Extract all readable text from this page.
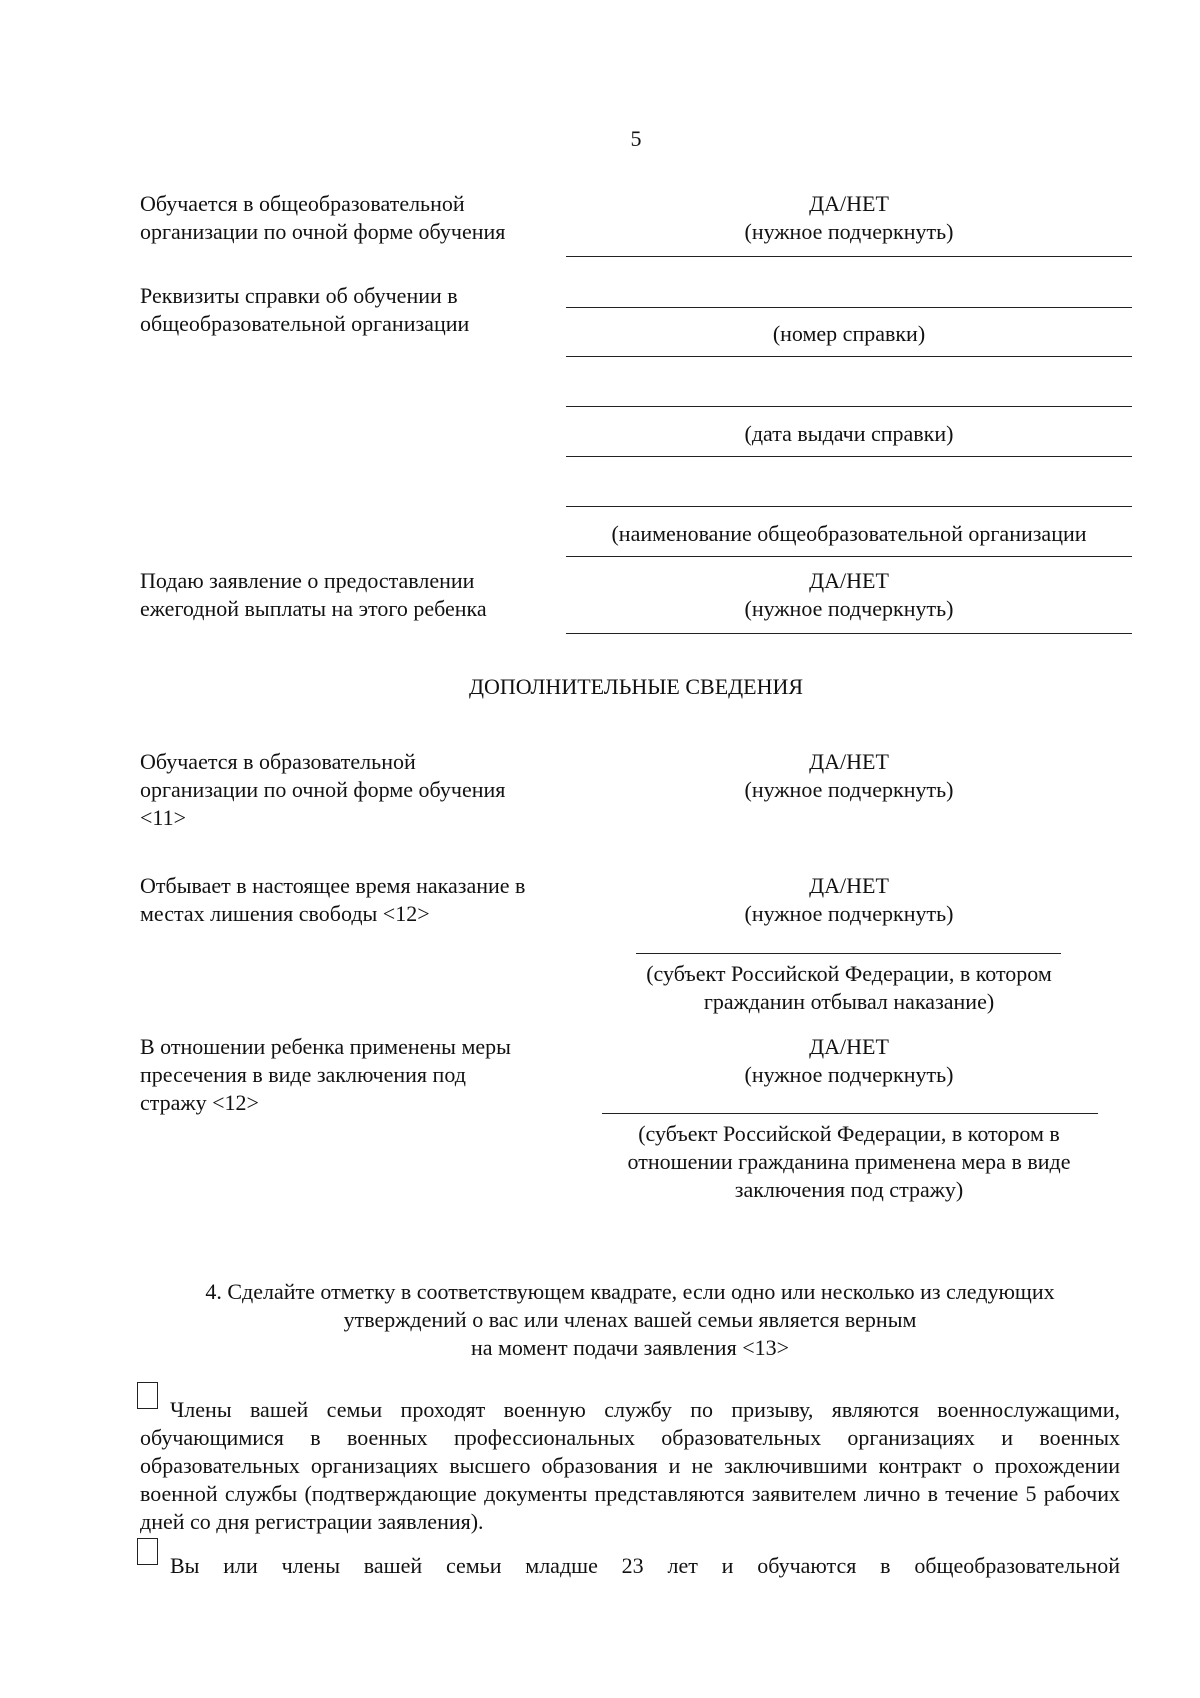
5
Обучается в общеобразовательной
организации по очной форме обучения
ДА/НЕТ
(нужное подчеркнуть)
Реквизиты справки об обучении в
общеобразовательной организации	(номер справки)
(дата выдачи справки)
(наименование общеобразовательной организации
Подаю заявление о предоставлении
ежегодной выплаты на этого ребенка
ДА/НЕТ
(нужное подчеркнуть)
ДОПОЛНИТЕЛЬНЫЕ СВЕДЕНИЯ
Обучается в образовательной
организации по очной форме обучения
<11>
ДА/НЕТ
(нужное подчеркнуть)
Отбывает в настоящее время наказание в
местах лишения свободы <12>
ДА/НЕТ
(нужное подчеркнуть)
(субъект Российской Федерации, в котором
гражданин отбывал наказание)
В отношении ребенка применены меры
пресечения в виде заключения под
стражу <12>
ДА/НЕТ
(нужное подчеркнуть)
(субъект Российской Федерации, в котором в
отношении гражданина применена мера в виде
заключения под стражу)
4. Сделайте отметку в соответствующем квадрате, если одно или несколько из следующих
утверждений о вас или членах вашей семьи является верным
на момент подачи заявления <13>
Члены вашей семьи проходят военную службу по призыву, являются военнослужащими, обучающимися в военных профессиональных образовательных организациях и военных образовательных организациях высшего образования и не заключившими контракт о прохождении военной службы (подтверждающие документы представляются заявителем лично в течение 5 рабочих дней со дня регистрации заявления).
Вы или члены вашей семьи младше 23 лет и обучаются в общеобразовательной
